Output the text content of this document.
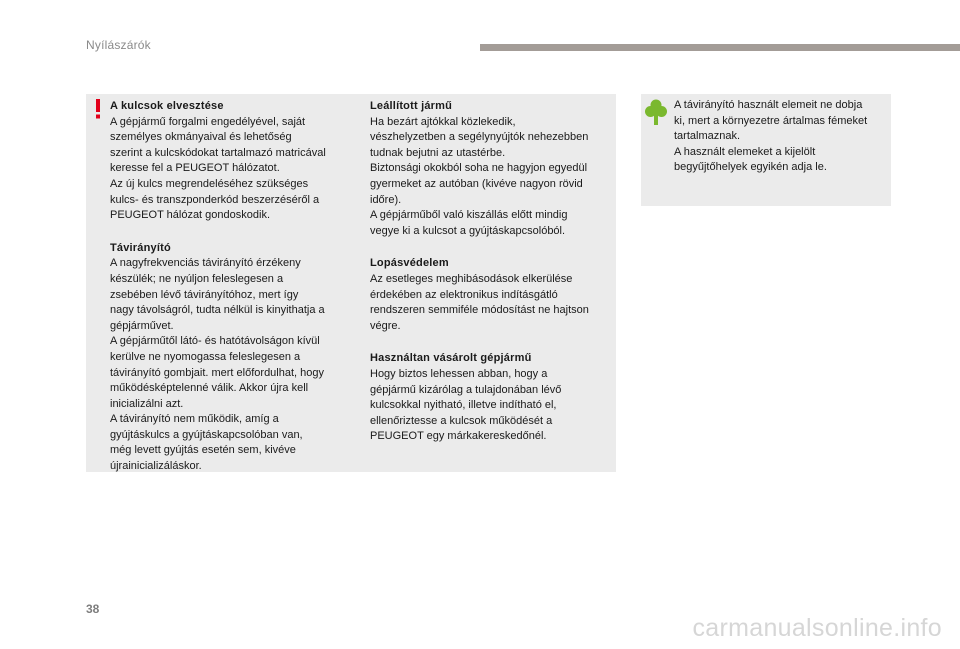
Nyílászárók
A kulcsok elvesztése

A gépjármű forgalmi engedélyével, saját
személyes okmányaival és lehetőség
szerint a kulcskódokat tartalmazó matricával
keresse fel a PEUGEOT hálózatot.
Az új kulcs megrendeléséhez szükséges
kulcs- és transzponderkód beszerzéséről a
PEUGEOT hálózat gondoskodik.

Távirányító

A nagyfrekvenciás távirányító érzékeny
készülék; ne nyúljon feleslegesen a
zsebében lévő távirányítóhoz, mert így
nagy távolságról, tudta nélkül is kinyithatja a
gépjárművet.
A gépjárműtől látó- és hatótávolságon kívül
kerülve ne nyomogassa feleslegesen a
távirányító gombjait. mert előfordulhat, hogy
működésképtelenné válik. Akkor újra kell
inicializálni azt.
A távirányító nem működik, amíg a
gyújtáskulcs a gyújtáskapcsolóban van,
még levett gyújtás esetén sem, kivéve
újrainicializáláskor.

Leállított jármű

Ha bezárt ajtókkal közlekedik,
vészhelyzetben a segélynyújtók nehezebben
tudnak bejutni az utastérbe.
Biztonsági okokból soha ne hagyjon egyedül
gyermeket az autóban (kivéve nagyon rövid
időre).
A gépjárműből való kiszállás előtt mindig
vegye ki a kulcsot a gyújtáskapcsolóból.

Lopásvédelem

Az esetleges meghibásodások elkerülése
érdekében az elektronikus indításgátló
rendszeren semmiféle módosítást ne hajtson
végre.

Használtan vásárolt gépjármű

Hogy biztos lehessen abban, hogy a
gépjármű kizárólag a tulajdonában lévő
kulcsokkal nyitható, illetve indítható el,
ellenőriztesse a kulcsok működését a
PEUGEOT egy márkakereskedőnél.

A távirányító használt elemeit ne dobja
ki, mert a környezetre ártalmas fémeket
tartalmaznak.
A használt elemeket a kijelölt
begyűjtőhelyek egyikén adja le.

38
carmanualsonline.info
